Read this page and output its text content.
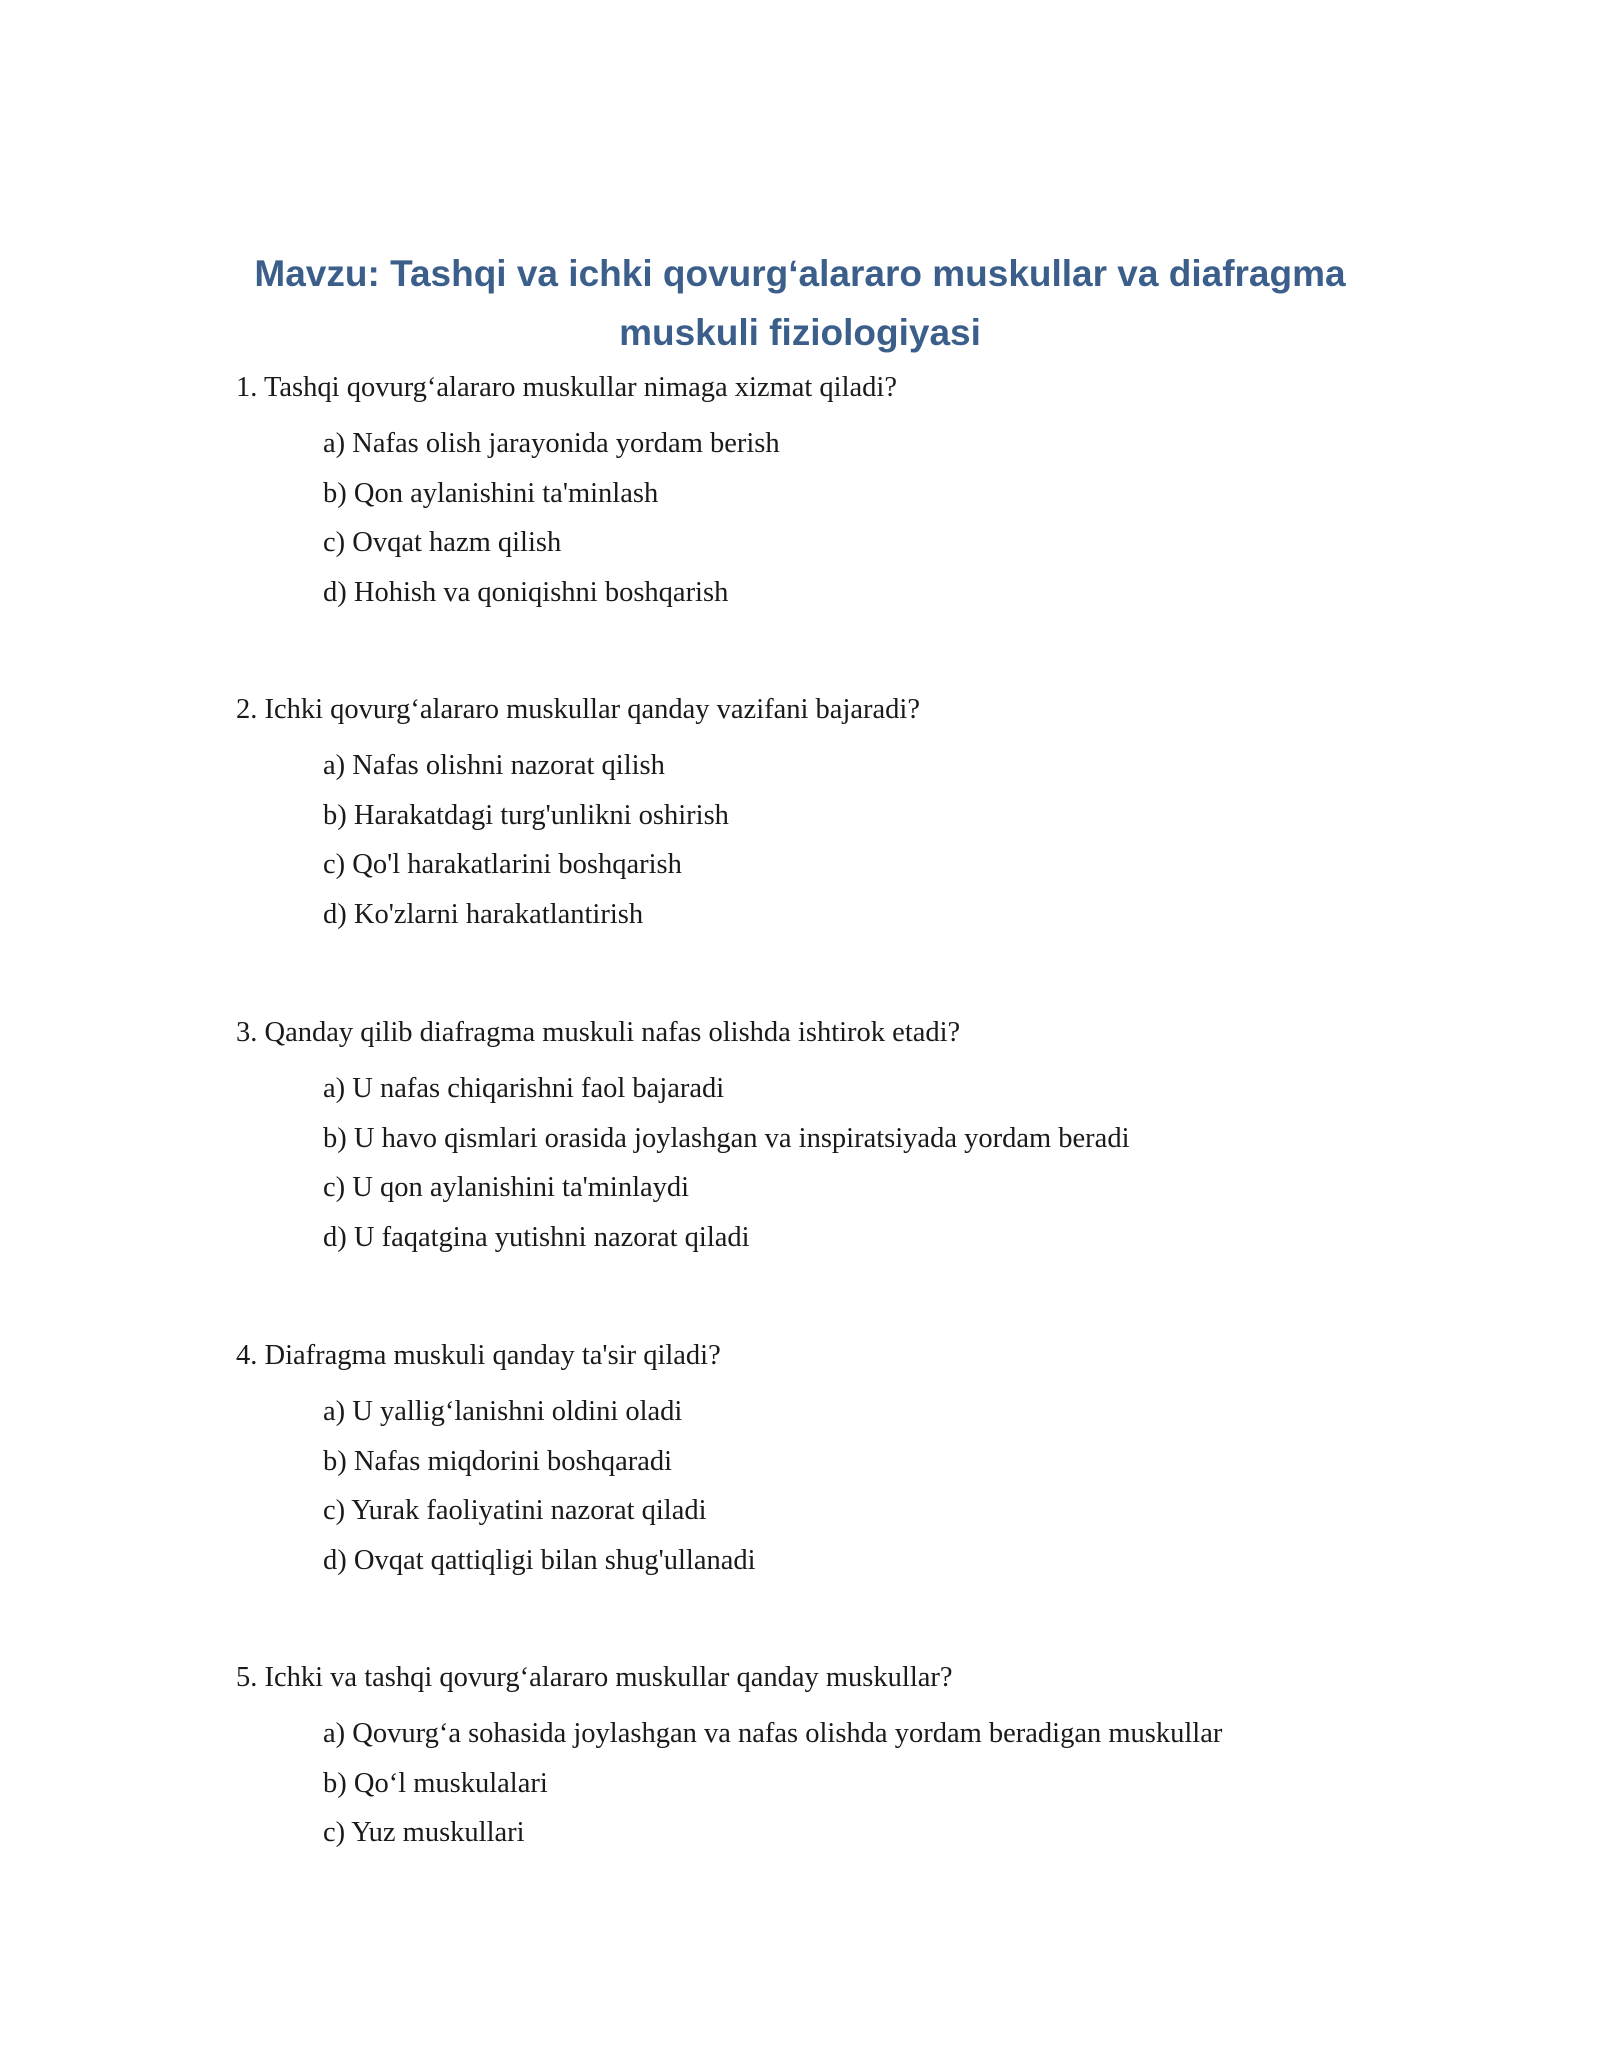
Mavzu: Tashqi va ichki qovurg‘alararo muskullar va diafragma
muskuli fiziologiyasi

1. Tashqi qovurg‘alararo muskullar nimaga xizmat qiladi?

a) Nafas olish jarayonida yordam berish
b) Qon aylanishini ta'minlash
c) Ovqat hazm qilish
d) Hohish va qoniqishni boshqarish

2. Ichki qovurg‘alararo muskullar qanday vazifani bajaradi?

a) Nafas olishni nazorat qilish
b) Harakatdagi turg'unlikni oshirish
c) Qo'l harakatlarini boshqarish
d) Ko'zlarni harakatlantirish

3. Qanday qilib diafragma muskuli nafas olishda ishtirok etadi?

a) U nafas chiqarishni faol bajaradi
b) U havo qismlari orasida joylashgan va inspiratsiyada yordam beradi
c) U qon aylanishini ta'minlaydi
d) U faqatgina yutishni nazorat qiladi

4. Diafragma muskuli qanday ta'sir qiladi?

a) U yallig‘lanishni oldini oladi
b) Nafas miqdorini boshqaradi
c) Yurak faoliyatini nazorat qiladi
d) Ovqat qattiqligi bilan shug'ullanadi

5. Ichki va tashqi qovurg‘alararo muskullar qanday muskullar?

a) Qovurg‘a sohasida joylashgan va nafas olishda yordam beradigan muskullar
b) Qo‘l muskulalari
c) Yuz muskullari
